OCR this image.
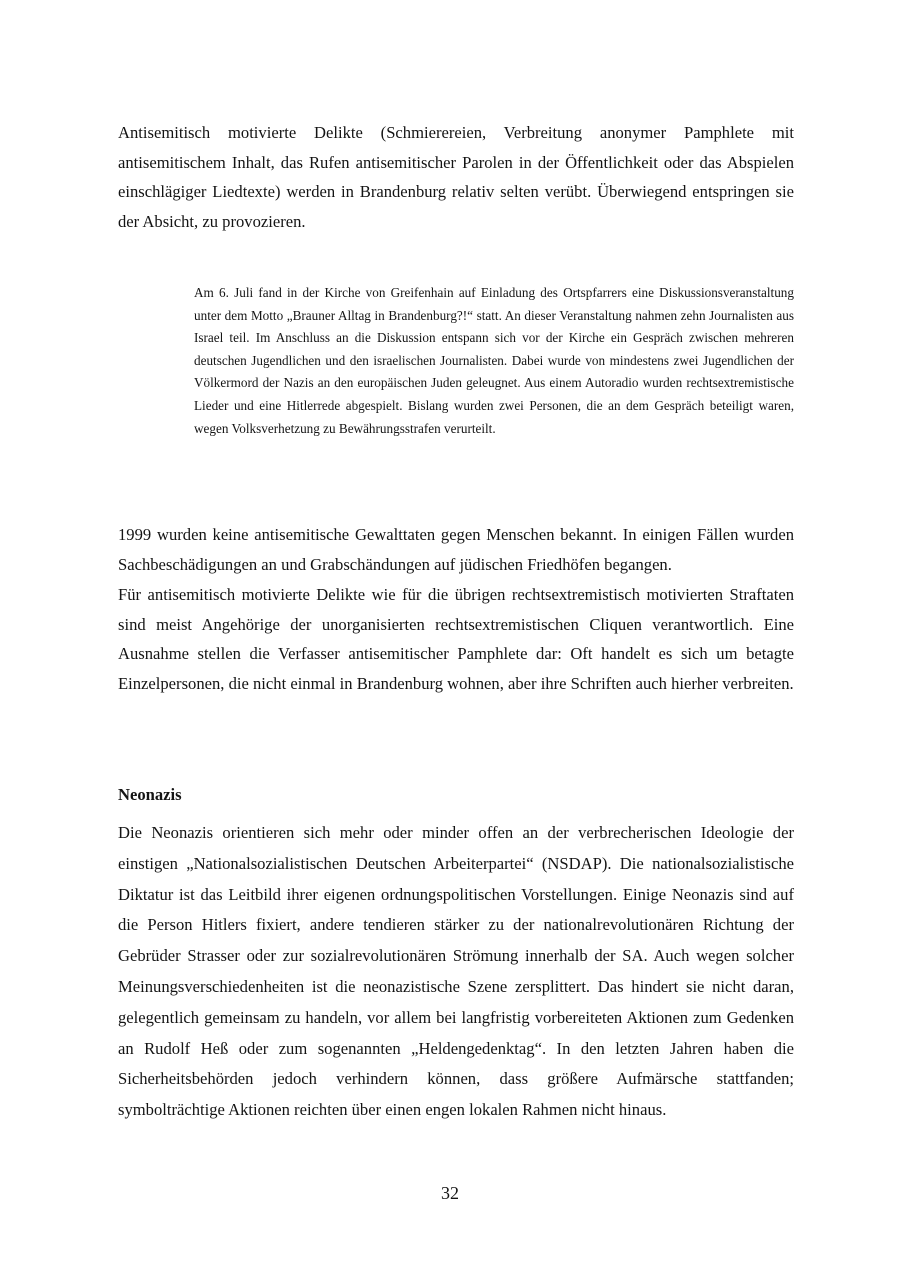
Antisemitisch motivierte Delikte (Schmierereien, Verbreitung anonymer Pamphlete mit antisemitischem Inhalt, das Rufen antisemitischer Parolen in der Öffentlichkeit oder das Abspielen einschlägiger Liedtexte) werden in Brandenburg relativ selten verübt. Überwiegend entspringen sie der Absicht, zu provozieren.

Am 6. Juli fand in der Kirche von Greifenhain auf Einladung des Ortspfarrers eine Diskussionsveranstaltung unter dem Motto „Brauner Alltag in Brandenburg?!“ statt. An dieser Veranstaltung nahmen zehn Journalisten aus Israel teil. Im Anschluss an die Diskussion entspann sich vor der Kirche ein Gespräch zwischen mehreren deutschen Jugendlichen und den israelischen Journalisten. Dabei wurde von mindestens zwei Jugendlichen der Völkermord der Nazis an den europäischen Juden geleugnet. Aus einem Autoradio wurden rechtsextremistische Lieder und eine Hitlerrede abgespielt. Bislang wurden zwei Personen, die an dem Gespräch beteiligt waren, wegen Volksverhetzung zu Bewährungsstrafen verurteilt.

1999 wurden keine antisemitische Gewalttaten gegen Menschen bekannt. In einigen Fällen wurden Sachbeschädigungen an und Grabschändungen auf jüdischen Friedhöfen begangen.

Für antisemitisch motivierte Delikte wie für die übrigen rechtsextremistisch motivierten Straftaten sind meist Angehörige der unorganisierten rechtsextremistischen Cliquen verantwortlich. Eine Ausnahme stellen die Verfasser antisemitischer Pamphlete dar: Oft handelt es sich um betagte Einzelpersonen, die nicht einmal in Brandenburg wohnen, aber ihre Schriften auch hierher verbreiten.

Neonazis

Die Neonazis orientieren sich mehr oder minder offen an der verbrecherischen Ideologie der einstigen „Nationalsozialistischen Deutschen Arbeiterpartei“ (NSDAP). Die nationalsozialistische Diktatur ist das Leitbild ihrer eigenen ordnungspolitischen Vorstellungen. Einige Neonazis sind auf die Person Hitlers fixiert, andere tendieren stärker zu der nationalrevolutionären Richtung der Gebrüder Strasser oder zur sozialrevolutionären Strömung innerhalb der SA. Auch wegen solcher Meinungsverschiedenheiten ist die neonazistische Szene zersplittert. Das hindert sie nicht daran, gelegentlich gemeinsam zu handeln, vor allem bei langfristig vorbereiteten Aktionen zum Gedenken an Rudolf Heß oder zum sogenannten „Heldengedenktag“. In den letzten Jahren haben die Sicherheitsbehörden jedoch verhindern können, dass größere Aufmärsche stattfanden; symbolträchtige Aktionen reichten über einen engen lokalen Rahmen nicht hinaus.

32
